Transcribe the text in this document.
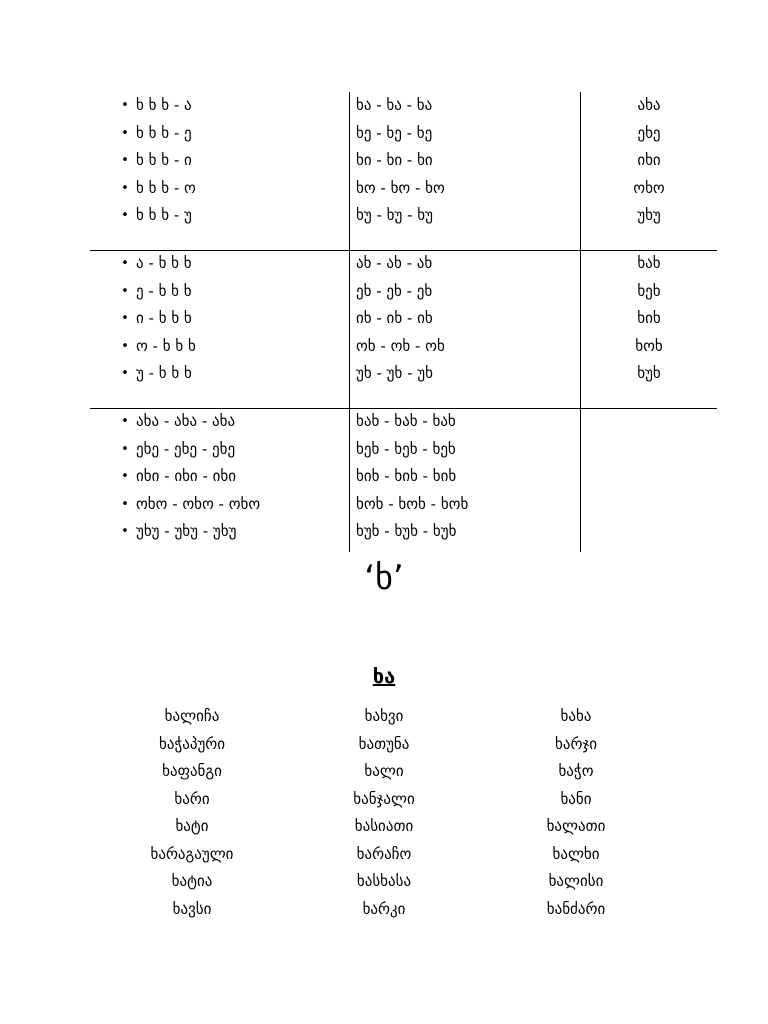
• ხ ხ ხ - ა
• ხ ხ ხ - ე
• ხ ხ ხ - ი
• ხ ხ ხ - ო
• ხ ხ ხ - უ
ხა - ხა - ხა
ხე - ხე - ხე
ხი - ხი - ხი
ხო - ხო - ხო
ხუ - ხუ - ხუ
ახა
ეხე
იხი
ოხო
უხუ
• ა - ხ ხ ხ
• ე - ხ ხ ხ
• ი - ხ ხ ხ
• ო - ხ ხ ხ
• უ - ხ ხ ხ
ახ - ახ - ახ
ეხ - ეხ - ეხ
იხ - იხ - იხ
ოხ - ოხ - ოხ
უხ - უხ - უხ
ხახ
ხეხ
ხიხ
ხოხ
ხუხ
• ახა - ახა - ახა
• ეხე - ეხე - ეხე
• იხი - იხი - იხი
• ოხო - ოხო - ოხო
• უხუ - უხუ - უხუ
ხახ - ხახ - ხახ
ხეხ - ხეხ - ხეხ
ხიხ - ხიხ - ხიხ
ხოხ - ხოხ - ხოხ
ხუხ - ხუხ - ხუხ
‘ხ’
ხა
ხალიჩა
ხაჭაპური
ხაფანგი
ხარი
ხატი
ხარაგაული
ხატია
ხავსი
ხახვი
ხათუნა
ხალი
ხანჯალი
ხასიათი
ხარაჩო
ხასხასა
ხარკი
ხახა
ხარჯი
ხაჭო
ხანი
ხალათი
ხალხი
ხალისი
ხანძარი
